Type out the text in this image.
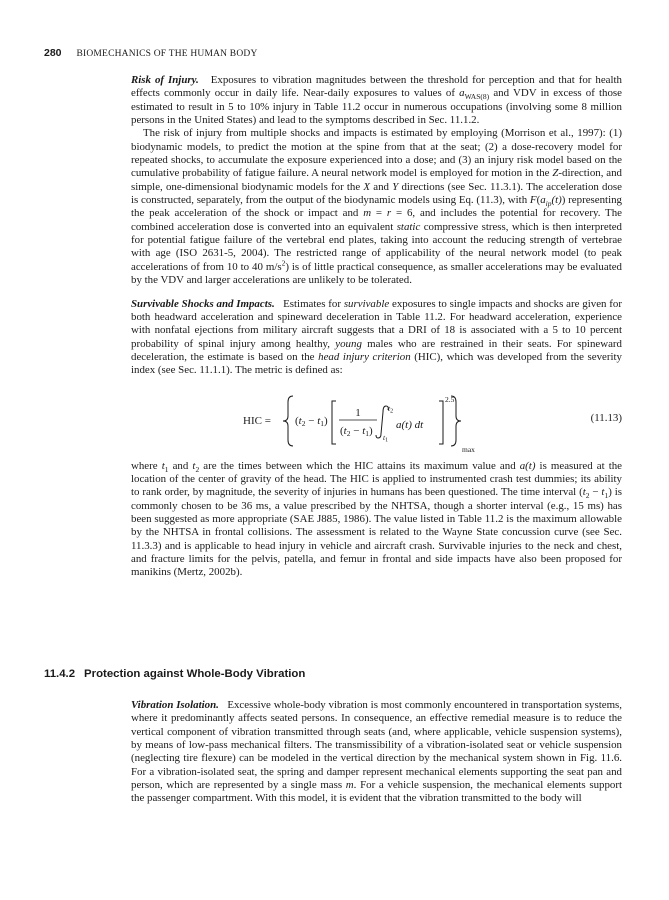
280 BIOMECHANICS OF THE HUMAN BODY

Risk of Injury. Exposures to vibration magnitudes between the threshold for perception and that for health effects commonly occur in daily life. Near-daily exposures to values of $a_{WAS(8)}$ and VDV in excess of those estimated to result in 5 to 10% injury in Table 11.2 occur in numerous occupations (involving some 8 million persons in the United States) and lead to the symptoms described in Sec. 11.1.2.

The risk of injury from multiple shocks and impacts is estimated by employing (Morrison et al., 1997): (1) biodynamic models, to predict the motion at the spine from that at the seat; (2) a dose-recovery model for repeated shocks, to accumulate the exposure experienced into a dose; and (3) an injury risk model based on the cumulative probability of fatigue failure. A neural network model is employed for motion in the Z-direction, and simple, one-dimensional biodynamic models for the X and Y directions (see Sec. 11.3.1). The acceleration dose is constructed, separately, from the output of the biodynamic models using Eq. (11.3), with $F(a_{ip}(t))$ representing the peak acceleration of the shock or impact and m = r = 6, and includes the potential for recovery. The combined acceleration dose is converted into an equivalent static compressive stress, which is then interpreted for potential fatigue failure of the vertebral end plates, taking into account the reducing strength of vertebrae with age (ISO 2631-5, 2004). The restricted range of applicability of the neural network model (to peak accelerations of from 10 to 40 $m/s^2$) is of little practical consequence, as smaller accelerations may be evaluated by the VDV and larger accelerations are unlikely to be tolerated.

Survivable Shocks and Impacts. Estimates for survivable exposures to single impacts and shocks are given for both headward acceleration and spineward deceleration in Table 11.2. For headward acceleration, experience with nonfatal ejections from military aircraft suggests that a DRI of 18 is associated with a 5 to 10 percent probability of spinal injury among healthy, young males who are restrained in their seats. For spineward deceleration, the estimate is based on the head injury criterion (HIC), which was developed from the severity index (see Sec. 11.1.1). The metric is defined as:

HIC = (t2 − t1)
1
(t2 − t1)
$t_2$
$t_1$
a(t) dt
2.5
max
(11.13)

where $t_1$ and $t_2$ are the times between which the HIC attains its maximum value and a(t) is measured at the location of the center of gravity of the head. The HIC is applied to instrumented crash test dummies; its ability to rank order, by magnitude, the severity of injuries in humans has been questioned. The time interval $(t_2 - t_1)$ is commonly chosen to be 36 ms, a value prescribed by the NHTSA, though a shorter interval (e.g., 15 ms) has been suggested as more appropriate (SAE J885, 1986). The value listed in Table 11.2 is the maximum allowable by the NHTSA in frontal collisions. The assessment is related to the Wayne State concussion curve (see Sec. 11.3.3) and is applicable to head injury in vehicle and aircraft crash. Survivable injuries to the neck and chest, and fracture limits for the pelvis, patella, and femur in frontal and side impacts have also been proposed for manikins (Mertz, 2002b).

11.4.2 Protection against Whole-Body Vibration

Vibration Isolation. Excessive whole-body vibration is most commonly encountered in transportation systems, where it predominantly affects seated persons. In consequence, an effective remedial measure is to reduce the vertical component of vibration transmitted through seats (and, where applicable, vehicle suspension systems), by means of low-pass mechanical filters. The transmissibility of a vibration-isolated seat or vehicle suspension (neglecting tire flexure) can be modeled in the vertical direction by the mechanical system shown in Fig. 11.6. For a vibration-isolated seat, the spring and damper represent mechanical elements supporting the seat pan and person, which are represented by a single mass m. For a vehicle suspension, the mechanical elements support the passenger compartment. With this model, it is evident that the vibration transmitted to the body will
